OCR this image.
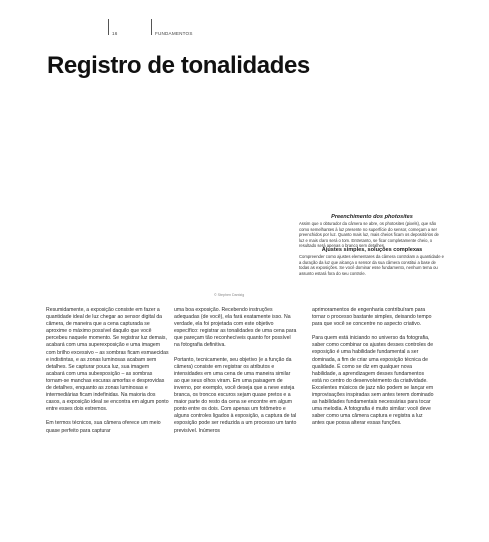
16	FUNDAMENTOS
Registro de tonalidades

Preenchimento dos photosites

Assim que o obturador da câmera se abre, os photosites (pixels), que são como semelhantes à luz presente no superfície do sensor, começam a ser preenchidos por luz. Quanto mais luz, mais cheios ficam os depositórios de luz e mais claro será o tom. Entretanto, se ficar completamente cheio, o resultado será apenas o branco sem detalhes.

Ajustes simples, soluções complexas

Compreender como ajustes elementares da câmera controlam a quantidade e a duração da luz que alcança o sensor da sua câmera constitui a base de todas as exposições. Se você dominar esse fundamento, nenhum tema ou assunto estará fora do seu controle.

© Stephen Dantzig

Resumidamente, a exposição consiste em fazer a quantidade ideal de luz chegar ao sensor digital da câmera, de maneira que a cena capturada se aproxime o máximo possível daquilo que você percebeu naquele momento. Se registrar luz demais, acabará com uma superexposição e uma imagem com brilho excessivo – as sombras ficam esmaecidas e indistintas, e as zonas luminosas acabam sem detalhes. Se capturar pouca luz, sua imagem acabará com uma subexposição – as sombras tornam-se manchas escuras amorfas e desprovidas de detalhes, enquanto as zonas luminosas e intermediárias ficam indefinidas. Na maioria dos casos, a exposição ideal se encontra em algum ponto entre esses dois extremos.

Em termos técnicos, sua câmera oferece um meio quase perfeito para capturar

uma boa exposição. Recebendo instruções adequadas (de você), ela fará exatamente isso. Na verdade, ela foi projetada com este objetivo específico: registrar as tonalidades de uma cena para que pareçam tão reconhecíveis quanto for possível na fotografia definitiva.

Portanto, tecnicamente, seu objetivo (e a função da câmera) consiste em registrar os atributos e intensidades em uma cena de uma maneira similar ao que seus olhos viram. Em uma paisagem de inverno, por exemplo, você deseja que a neve esteja branca, os troncos escuros sejam quase pretos e a maior parte do resto da cena se encontre em algum ponto entre os dois. Com apenas um fotômetro e alguns controles ligados à exposição, a captura de tal exposição pode ser reduzida a um processo um tanto previsível. Inúmeros

aprimoramentos de engenharia contribuíram para tornar o processo bastante simples, deixando tempo para que você se concentre no aspecto criativo.

Para quem está iniciando no universo da fotografia, saber como combinar os ajustes desses controles de exposição é uma habilidade fundamental a ser dominada, a fim de criar uma exposição técnica de qualidade. É como se diz em qualquer nova habilidade, a aprendizagem desses fundamentos está no centro do desenvolvimento da criatividade. Excelentes músicos de jazz não podem se lançar em improvisações inspiradas sem antes terem dominado as habilidades fundamentais necessárias para tocar uma melodia. A fotografia é muito similar: você deve saber como uma câmera captura e registra a luz antes que possa alterar essas funções.
